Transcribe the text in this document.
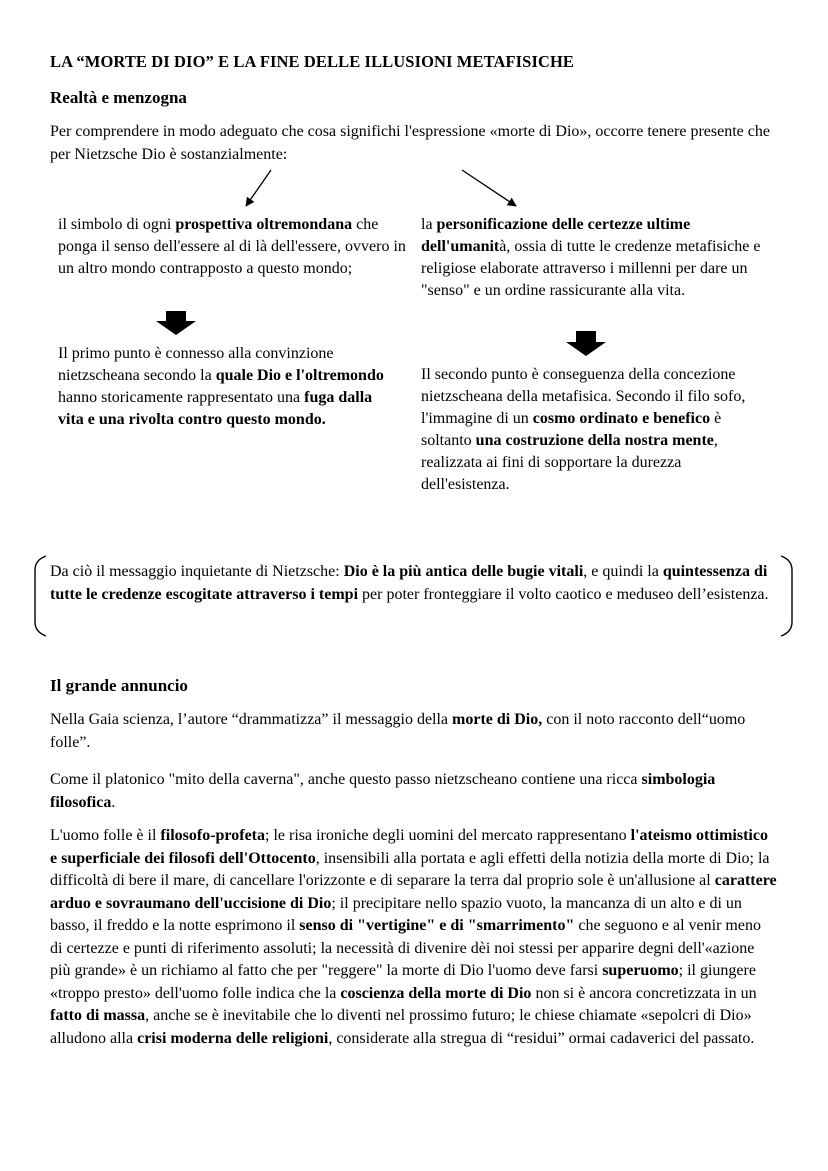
LA “MORTE DI DIO” E LA FINE DELLE ILLUSIONI METAFISICHE
Realtà e menzogna

Per comprendere in modo adeguato che cosa significhi l'espressione «morte di Dio», occorre tenere presente che per Nietzsche Dio è sostanzialmente:

il simbolo di ogni prospettiva oltremondana che ponga il senso dell'essere al di là dell'essere, ovvero in un altro mondo contrapposto a questo mondo;

Il primo punto è connesso alla convinzione nietzscheana secondo la quale Dio e l'oltremondo hanno storicamente rappresentato una fuga dalla vita e una rivolta contro questo mondo.

la personificazione delle certezze ultime dell'umanità, ossia di tutte le credenze metafisiche e religiose elaborate attraverso i millenni per dare un "senso" e un ordine rassicurante alla vita.

Il secondo punto è conseguenza della concezione nietzscheana della metafisica. Secondo il filo sofo, l'immagine di un cosmo ordinato e benefico è soltanto una costruzione della nostra mente, realizzata ai fini di sopportare la durezza dell'esistenza.

Da ciò il messaggio inquietante di Nietzsche: Dio è la più antica delle bugie vitali, e quindi la quintessenza di tutte le credenze escogitate attraverso i tempi per poter fronteggiare il volto caotico e meduseo dell’esistenza.

Il grande annuncio

Nella Gaia scienza, l’autore “drammatizza” il messaggio della morte di Dio, con il noto racconto dell“uomo folle”.

Come il platonico "mito della caverna", anche questo passo nietzscheano contiene una ricca simbologia filosofica.

L'uomo folle è il filosofo-profeta; le risa ironiche degli uomini del mercato rappresentano l'ateismo ottimistico e superficiale dei filosofi dell'Ottocento, insensibili alla portata e agli effetti della notizia della morte di Dio; la difficoltà di bere il mare, di cancellare l'orizzonte e di separare la terra dal proprio sole è un'allusione al carattere arduo e sovraumano dell'uccisione di Dio; il precipitare nello spazio vuoto, la mancanza di un alto e di un basso, il freddo e la notte esprimono il senso di "vertigine" e di "smarrimento" che seguono e al venir meno di certezze e punti di riferimento assoluti; la necessità di divenire dèi noi stessi per apparire degni dell'«azione più grande» è un richiamo al fatto che per "reggere" la morte di Dio l'uomo deve farsi superuomo; il giungere «troppo presto» dell'uomo folle indica che la coscienza della morte di Dio non si è ancora concretizzata in un fatto di massa, anche se è inevitabile che lo diventi nel prossimo futuro; le chiese chiamate «sepolcri di Dio» alludono alla crisi moderna delle religioni, considerate alla stregua di “residui” ormai cadaverici del passato.
